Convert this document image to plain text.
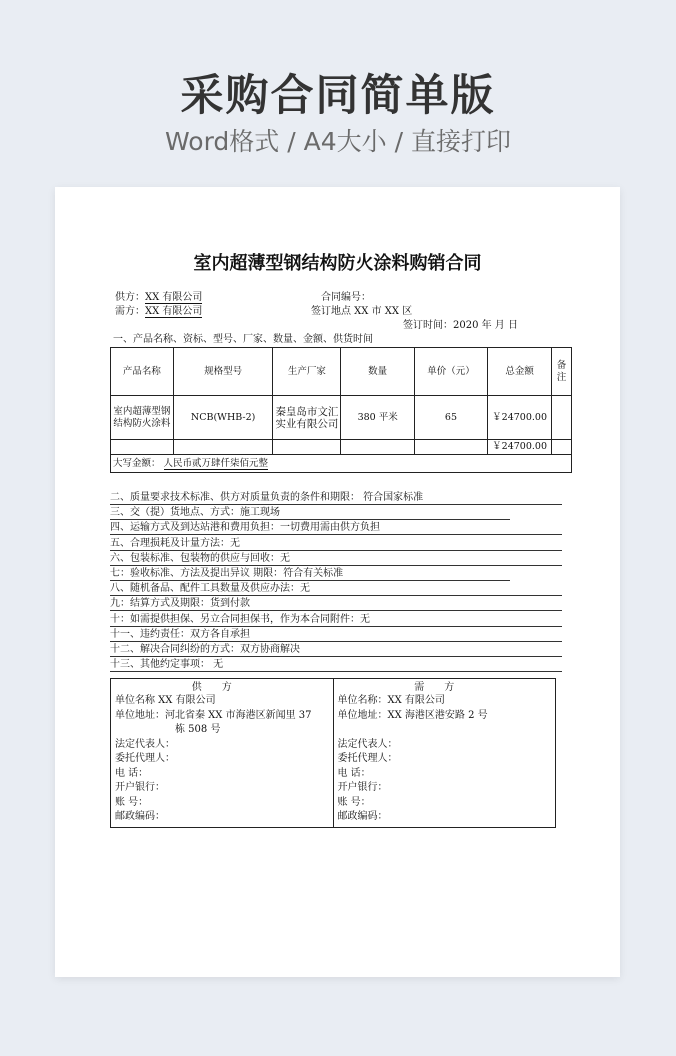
采购合同简单版
Word格式 / A4大小 / 直接打印
室内超薄型钢结构防火涂料购销合同
供方：XX 有限公司	合同编号：
需方：XX 有限公司	签订地点 XX 市 XX 区
签订时间：2020 年 月 日
一、产品名称、资标、型号、厂家、数量、金额、供货时间
产品名称	规格型号	生产厂家	数量	单价（元）	总金额	备注
室内超薄型钢结构防火涂料	NCB(WHB-2)	秦皇岛市文汇实业有限公司	380 平米	65	￥24700.00	
					￥24700.00	
大写金额： 人民币贰万肆仟柒佰元整						
二、质量要求技术标准、供方对质量负责的条件和期限： 符合国家标准
三、交（提）货地点、方式：施工现场
四、运输方式及到达站港和费用负担：一切费用需由供方负担
五、合理损耗及计量方法：无
六、包装标准、包装物的供应与回收：无
七：验收标准、方法及提出异议 期限：符合有关标准
八、随机备品、配件工具数量及供应办法：无
九：结算方式及期限：货到付款
十：如需提供担保、另立合同担保书，作为本合同附件：无
十一、违约责任：双方各自承担
十二、解决合同纠纷的方式：双方协商解决
十三、其他约定事项： 无
供方
单位名称 XX 有限公司
单位地址：河北省秦 XX 市海港区新闻里 37
栋 508 号
法定代表人：
委托代理人：
电 话：
开户银行：
账 号：
邮政编码：

需方
单位名称：XX 有限公司
单位地址：XX 海港区港安路 2 号
法定代表人：
委托代理人：
电 话：
开户银行：
账 号：
邮政编码：
